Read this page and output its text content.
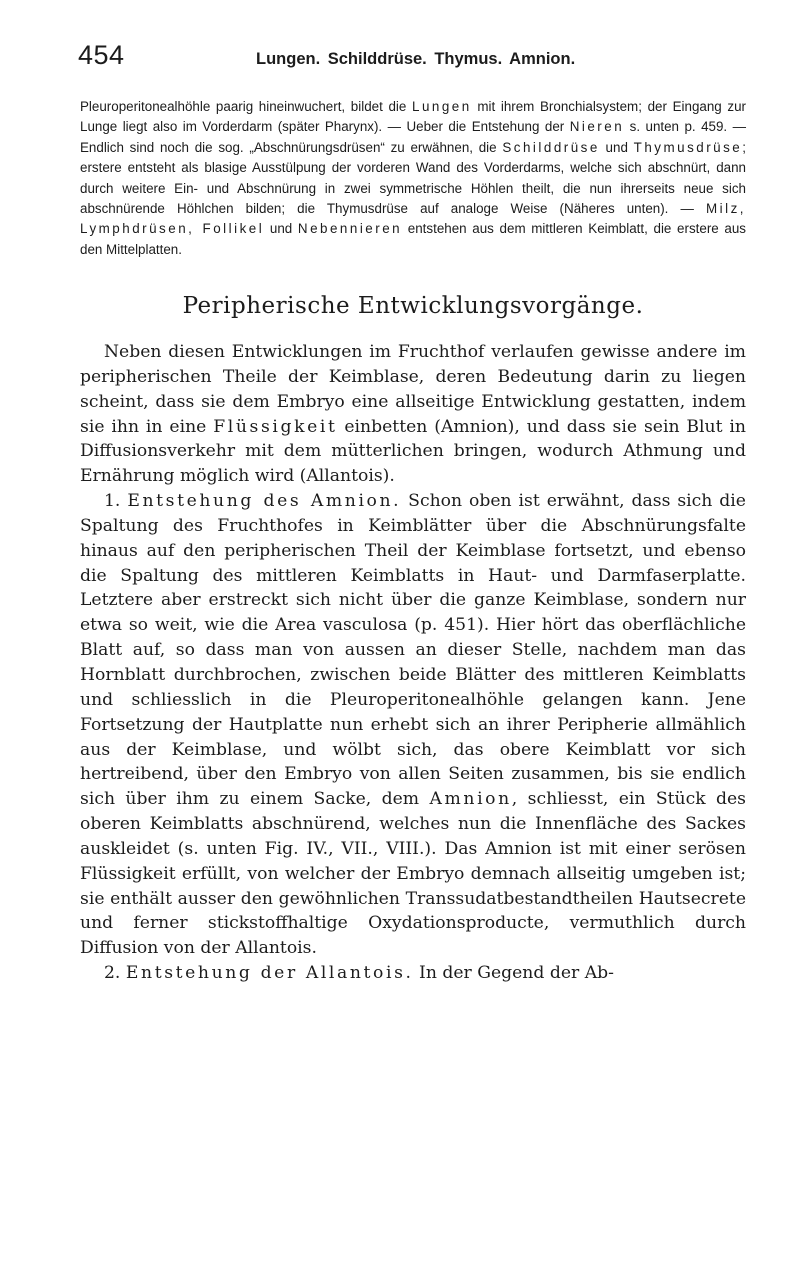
454	Lungen. Schilddrüse. Thymus. Amnion.
Pleuroperitonealhöhle paarig hineinwuchert, bildet die Lungen mit ihrem Bronchialsystem; der Eingang zur Lunge liegt also im Vorderdarm (später Pharynx). — Ueber die Entstehung der Nieren s. unten p. 459. — Endlich sind noch die sog. „Abschnürungsdrüsen“ zu erwähnen, die Schilddrüse und Thymusdrüse; erstere entsteht als blasige Ausstülpung der vorderen Wand des Vorderdarms, welche sich abschnürt, dann durch weitere Ein- und Abschnürung in zwei symmetrische Höhlen theilt, die nun ihrerseits neue sich abschnürende Höhlchen bilden; die Thymusdrüse auf analoge Weise (Näheres unten). — Milz, Lymphdrüsen, Follikel und Nebennieren entstehen aus dem mittleren Keimblatt, die erstere aus den Mittelplatten.
Peripherische Entwicklungsvorgänge.

Neben diesen Entwicklungen im Fruchthof verlaufen gewisse andere im peripherischen Theile der Keimblase, deren Bedeutung darin zu liegen scheint, dass sie dem Embryo eine allseitige Entwicklung gestatten, indem sie ihn in eine Flüssigkeit einbetten (Amnion), und dass sie sein Blut in Diffusionsverkehr mit dem mütterlichen bringen, wodurch Athmung und Ernährung möglich wird (Allantois).

1. Entstehung des Amnion. Schon oben ist erwähnt, dass sich die Spaltung des Fruchthofes in Keimblätter über die Abschnürungsfalte hinaus auf den peripherischen Theil der Keimblase fortsetzt, und ebenso die Spaltung des mittleren Keimblatts in Haut- und Darmfaserplatte. Letztere aber erstreckt sich nicht über die ganze Keimblase, sondern nur etwa so weit, wie die Area vasculosa (p. 451). Hier hört das oberflächliche Blatt auf, so dass man von aussen an dieser Stelle, nachdem man das Hornblatt durchbrochen, zwischen beide Blätter des mittleren Keimblatts und schliesslich in die Pleuroperitonealhöhle gelangen kann. Jene Fortsetzung der Hautplatte nun erhebt sich an ihrer Peripherie allmählich aus der Keimblase, und wölbt sich, das obere Keimblatt vor sich hertreibend, über den Embryo von allen Seiten zusammen, bis sie endlich sich über ihm zu einem Sacke, dem Amnion, schliesst, ein Stück des oberen Keimblatts abschnürend, welches nun die Innenfläche des Sackes auskleidet (s. unten Fig. IV., VII., VIII.). Das Amnion ist mit einer serösen Flüssigkeit erfüllt, von welcher der Embryo demnach allseitig umgeben ist; sie enthält ausser den gewöhnlichen Transsudatbestandtheilen Hautsecrete und ferner stickstoffhaltige Oxydationsproducte, vermuthlich durch Diffusion von der Allantois.

2. Entstehung der Allantois. In der Gegend der Ab-
